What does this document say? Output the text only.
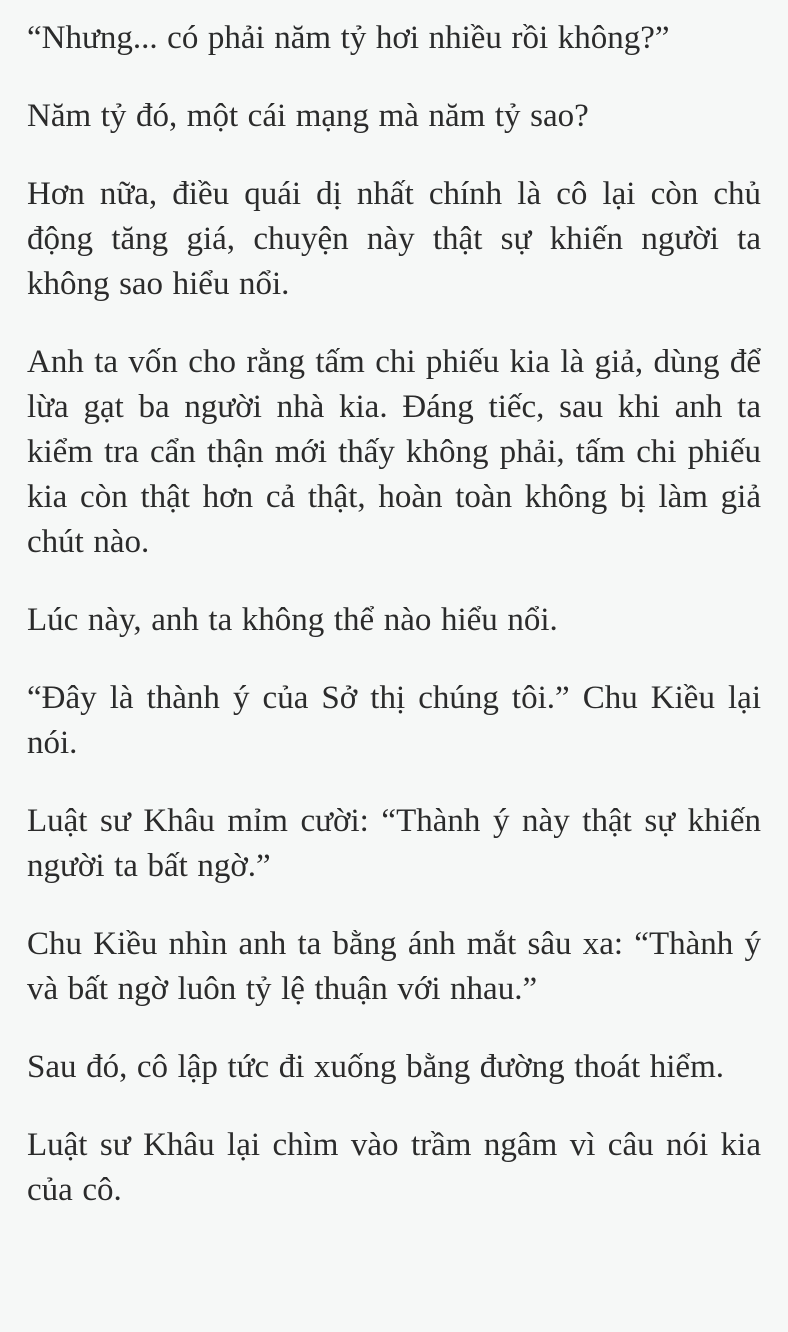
“Nhưng... có phải năm tỷ hơi nhiều rồi không?”

Năm tỷ đó, một cái mạng mà năm tỷ sao?

Hơn nữa, điều quái dị nhất chính là cô lại còn chủ động tăng giá, chuyện này thật sự khiến người ta không sao hiểu nổi.

Anh ta vốn cho rằng tấm chi phiếu kia là giả, dùng để lừa gạt ba người nhà kia. Đáng tiếc, sau khi anh ta kiểm tra cẩn thận mới thấy không phải, tấm chi phiếu kia còn thật hơn cả thật, hoàn toàn không bị làm giả chút nào.

Lúc này, anh ta không thể nào hiểu nổi.

“Đây là thành ý của Sở thị chúng tôi.” Chu Kiều lại nói.

Luật sư Khâu mỉm cười: “Thành ý này thật sự khiến người ta bất ngờ.”

Chu Kiều nhìn anh ta bằng ánh mắt sâu xa: “Thành ý và bất ngờ luôn tỷ lệ thuận với nhau.”

Sau đó, cô lập tức đi xuống bằng đường thoát hiểm.

Luật sư Khâu lại chìm vào trầm ngâm vì câu nói kia của cô.
